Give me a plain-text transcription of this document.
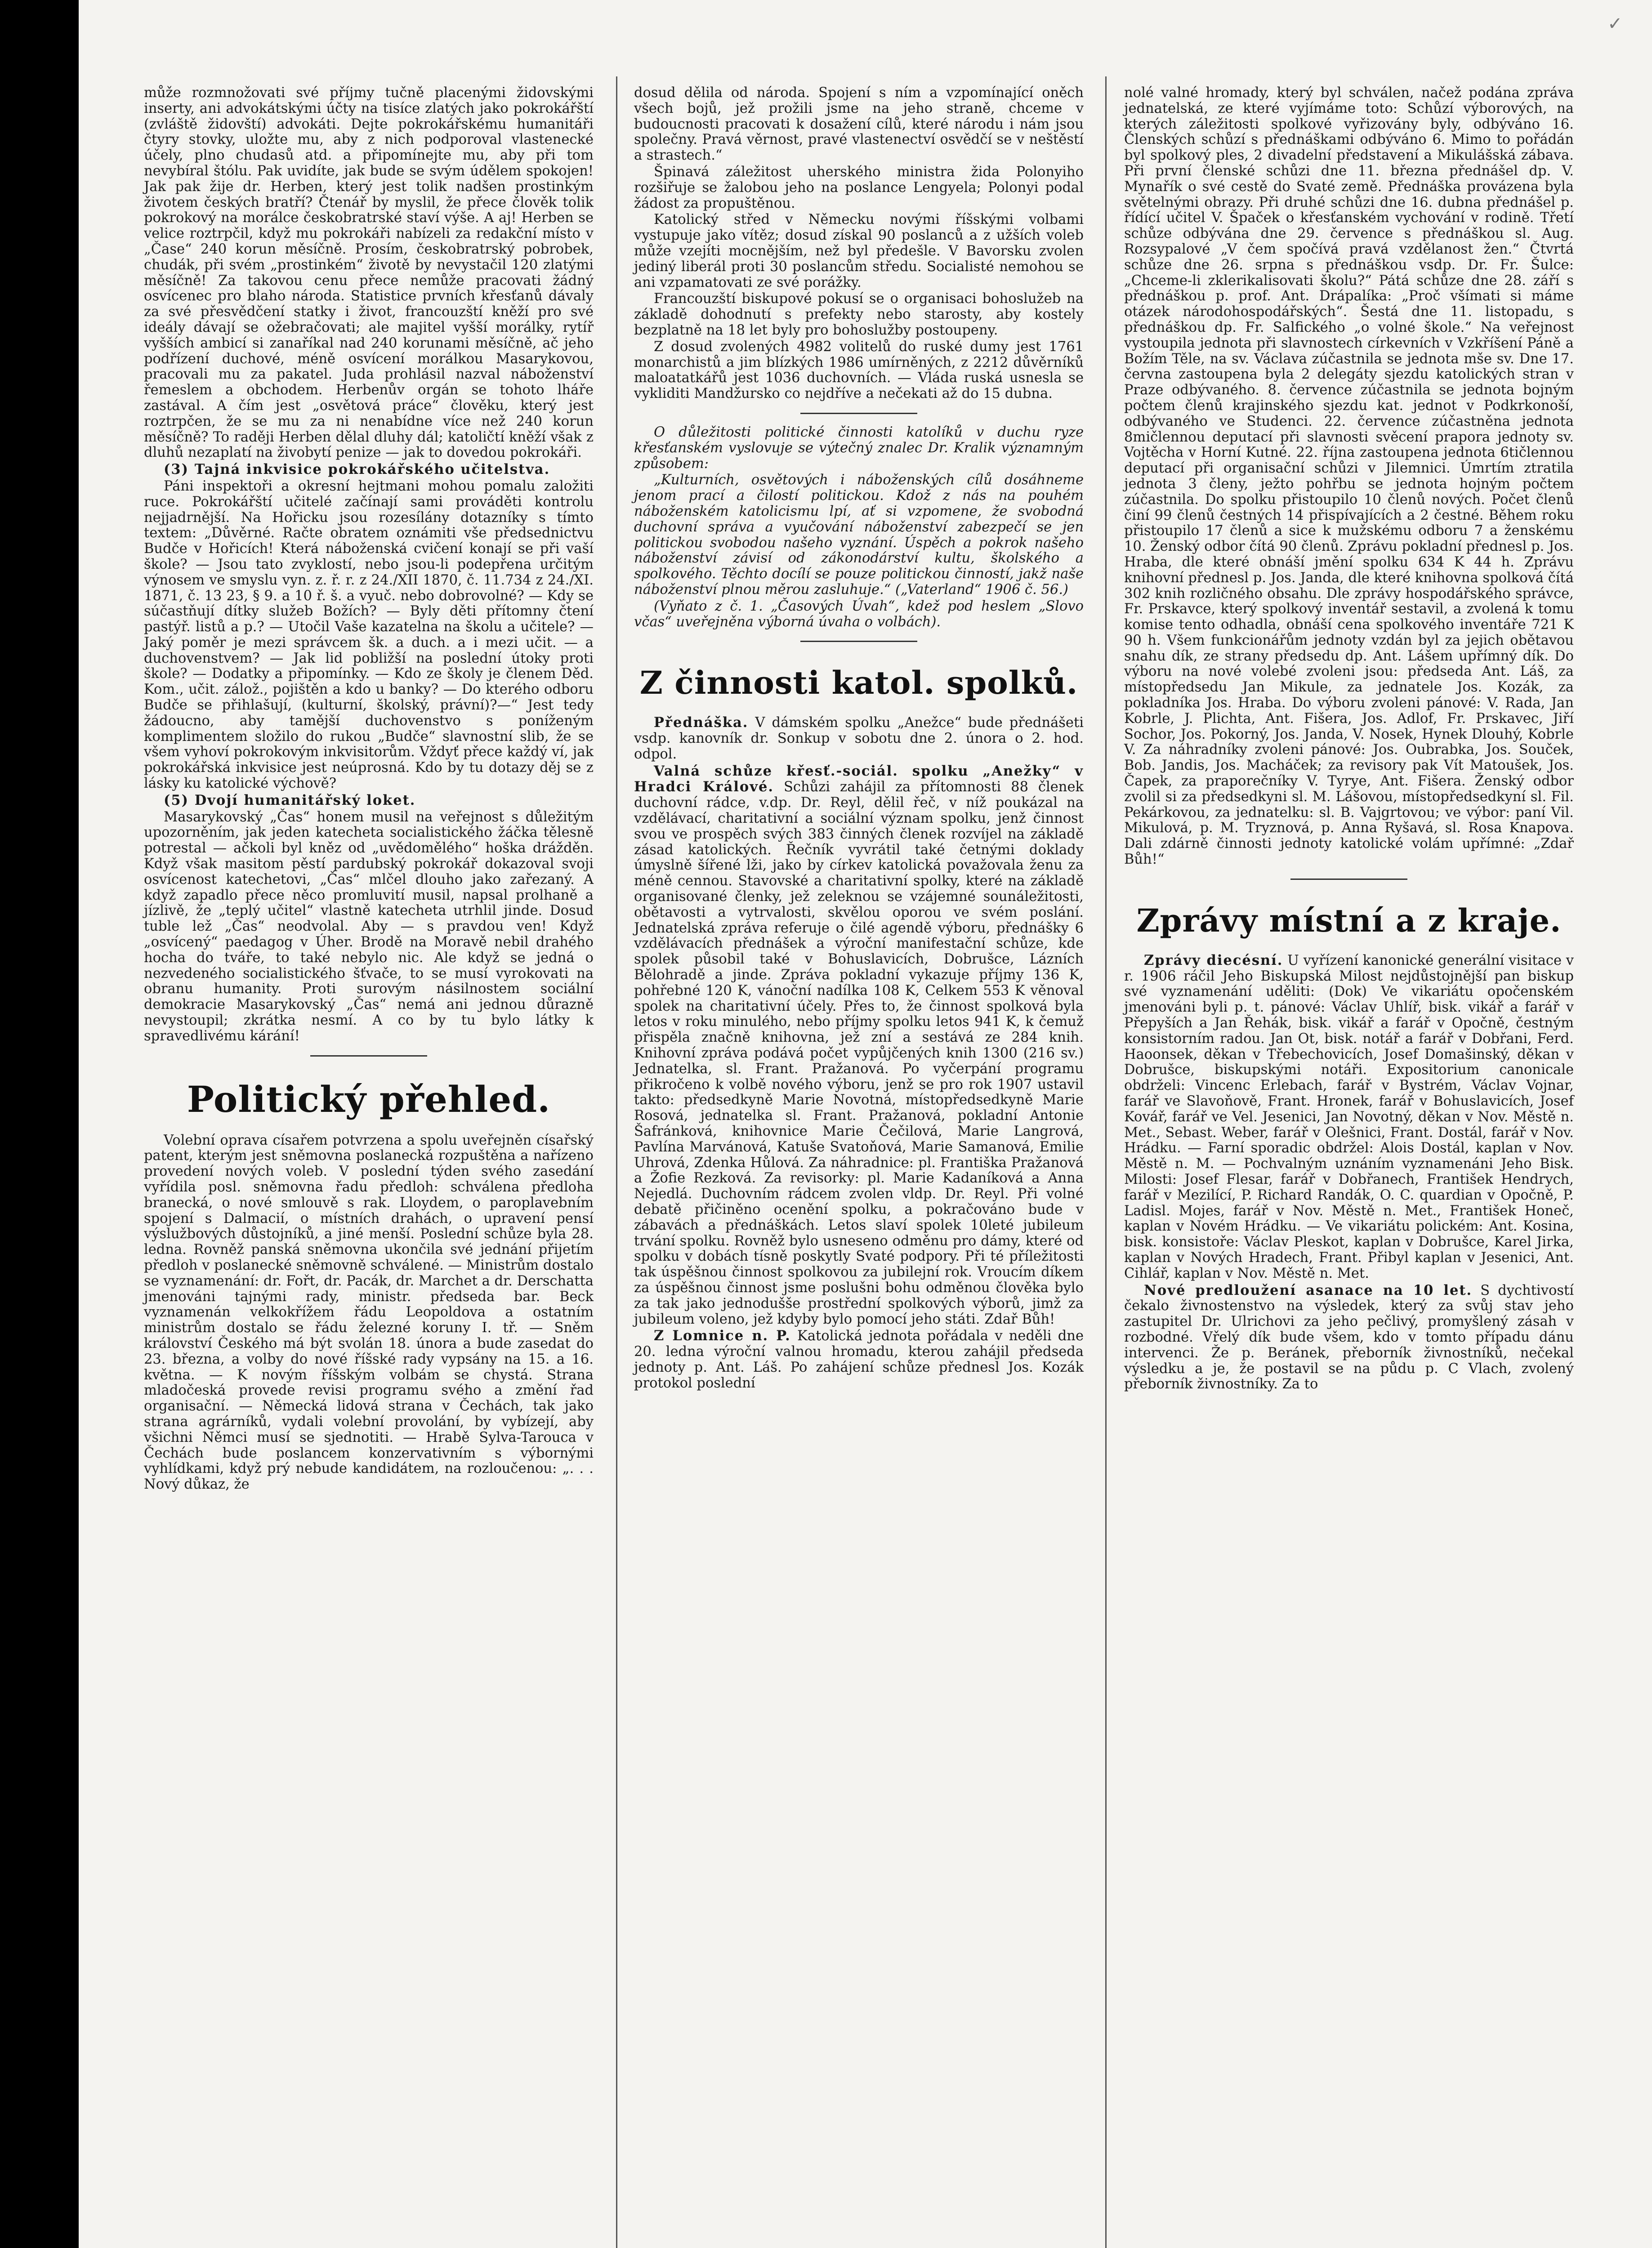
✓

může rozmnožovati své příjmy tučně placenými židovskými inserty, ani advokátskými účty na tisíce zlatých jako pokrokářští (zvláště židovští) advokáti. Dejte pokrokářskému humanitáři čtyry stovky, uložte mu, aby z nich podporoval vlastenecké účely, plno chudasů atd. a připomínejte mu, aby při tom nevybíral štólu. Pak uvidíte, jak bude se svým údělem spokojen! Jak pak žije dr. Herben, který jest tolik nadšen prostinkým životem českých bratří? Čtenář by myslil, že přece člověk tolik pokrokový na morálce českobratrské staví výše. A aj! Herben se velice roztrpčil, když mu pokrokáři nabízeli za redakční místo v „Čase“ 240 korun měsíčně. Prosím, českobratrský pobrobek, chudák, při svém „prostinkém“ životě by nevystačil 120 zlatými měsíčně! Za takovou cenu přece nemůže pracovati žádný osvícenec pro blaho národa. Statistice prvních křesťanů dávaly za své přesvědčení statky i život, francouzští kněží pro své ideály dávají se ožebračovati; ale majitel vyšší morálky, rytíř vyšších ambicí si zanaříkal nad 240 korunami měsíčně, ač jeho podřízení duchové, méně osvícení morálkou Masarykovou, pracovali mu za pakatel. Juda prohlásil nazval náboženství řemeslem a obchodem. Herbenův orgán se tohoto lháře zastával. A čím jest „osvětová práce“ člověku, který jest roztrpčen, že se mu za ni nenabídne více než 240 korun měsíčně? To raději Herben dělal dluhy dál; katoličtí kněží však z dluhů nezaplatí na živobytí penize — jak to dovedou pokrokáři.

(3) Tajná inkvisice pokrokářského učitelstva.

Páni inspektoři a okresní hejtmani mohou pomalu založiti ruce. Pokrokářští učitelé začínají sami prováděti kontrolu nejjadrnější. Na Hořicku jsou rozesílány dotazníky s tímto textem: „Důvěrné. Račte obratem oznámiti vše předsednictvu Budče v Hořicích! Která náboženská cvičení konají se při vaší škole? — Jsou tato zvyklostí, nebo jsou-li podepřena určitým výnosem ve smyslu vyn. z. ř. r. z 24./XII 1870, č. 11.734 z 24./XI. 1871, č. 13 23, § 9. a 10 ř. š. a vyuč. nebo dobrovolné? — Kdy se súčastňují dítky služeb Božích? — Byly děti přítomny čtení pastýř. listů a p.? — Utočil Vaše kazatelna na školu a učitele? — Jaký poměr je mezi správcem šk. a duch. a i mezi učit. — a duchovenstvem? — Jak lid pobližší na poslední útoky proti škole? — Dodatky a připomínky. — Kdo ze školy je členem Děd. Kom., učit. zálož., pojištěn a kdo u banky? — Do kterého odboru Budče se přihlašují, (kulturní, školský, právní)?—“ Jest tedy žádoucno, aby tamější duchovenstvo s poníženým komplimentem složilo do rukou „Budče“ slavnostní slib, že se všem vyhoví pokrokovým inkvisitorům. Vždyť přece každý ví, jak pokrokářská inkvisice jest neúprosná. Kdo by tu dotazy děj se z lásky ku katolické výchově?

(5) Dvojí humanitářský loket.

Masarykovský „Čas“ honem musil na veřejnost s důležitým upozorněním, jak jeden katecheta socialistického žáčka tělesně potrestal — ačkoli byl kněz od „uvědomělého“ hoška drážděn. Když však masitom pěstí pardubský pokrokář dokazoval svoji osvícenost katechetovi, „Čas“ mlčel dlouho jako zařezaný. A když zapadlo přece něco promluvití musil, napsal prolhaně a jízlivě, že „teplý učitel“ vlastně katecheta utrhlil jinde. Dosud tuble lež „Čas“ neodvolal. Aby — s pravdou ven! Když „osvícený“ paedagog v Úher. Brodě na Moravě nebil drahého hocha do tváře, to také nebylo nic. Ale když se jedná o nezvedeného socialistického šťvače, to se musí vyrokovati na obranu humanity. Proti surovým násilnostem sociální demokracie Masarykovský „Čas“ nemá ani jednou důrazně nevystoupil; zkrátka nesmí. A co by tu bylo látky k spravedlivému kárání!

Politický přehled.

Volební oprava císařem potvrzena a spolu uveřejněn císařský patent, kterým jest sněmovna poslanecká rozpuštěna a nařízeno provedení nových voleb. V poslední týden svého zasedání vyřídila posl. sněmovna řadu předloh: schválena předloha branecká, o nové smlouvě s rak. Lloydem, o paroplavebním spojení s Dalmacií, o místních drahách, o upravení pensí výslužbových důstojníků, a jiné menší. Poslední schůze byla 28. ledna. Rovněž panská sněmovna ukončila své jednání přijetím předloh v poslanecké sněmovně schválené. — Ministrům dostalo se vyznamenání: dr. Fořt, dr. Pacák, dr. Marchet a dr. Derschatta jmenováni tajnými rady, ministr. předseda bar. Beck vyznamenán velkokřížem řádu Leopoldova a ostatním ministrům dostalo se řádu železné koruny I. tř. — Sněm království Českého má být svolán 18. února a bude zasedat do 23. března, a volby do nové říšské rady vypsány na 15. a 16. května. — K novým říšským volbám se chystá. Strana mladočeská provede revisi programu svého a změní řad organisační. — Německá lidová strana v Čechách, tak jako strana agrárníků, vydali volební provolání, by vybízejí, aby všichni Němci musí se sjednotiti. — Hrabě Sylva-Tarouca v Čechách bude poslancem konzervativním s výbornými vyhlídkami, když prý nebude kandidátem, na rozloučenou: „. . . Nový důkaz, že

dosud dělila od národa. Spojení s ním a vzpomínající oněch všech bojů, jež prožili jsme na jeho straně, chceme v budoucnosti pracovati k dosažení cílů, které národu i nám jsou společny. Pravá věrnost, pravé vlastenectví osvědčí se v neštěstí a strastech.“

Špinavá záležitost uherského ministra žida Polonyiho rozšiřuje se žalobou jeho na poslance Lengyela; Polonyi podal žádost za propuštěnou.

Katolický střed v Německu novými říšskými volbami vystupuje jako vítěz; dosud získal 90 poslanců a z užších voleb může vzejíti mocnějším, než byl předešle. V Bavorsku zvolen jediný liberál proti 30 poslancům středu. Socialisté nemohou se ani vzpamatovati ze své porážky.

Francouzští biskupové pokusí se o organisaci bohoslužeb na základě dohodnutí s prefekty nebo starosty, aby kostely bezplatně na 18 let byly pro bohoslužby postoupeny.

Z dosud zvolených 4982 volitelů do ruské dumy jest 1761 monarchistů a jim blízkých 1986 umírněných, z 2212 důvěrníků maloatatkářů jest 1036 duchovních. — Vláda ruská usnesla se vykliditi Mandžursko co nejdříve a nečekati až do 15 dubna.

O důležitosti politické činnosti katolíků v duchu ryze křesťanském vyslovuje se výtečný znalec Dr. Kralik významným způsobem:

„Kulturních, osvětových i náboženských cílů dosáhneme jenom prací a čilostí politickou. Kdož z nás na pouhém náboženském katolicismu lpí, ať si vzpomene, že svobodná duchovní správa a vyučování náboženství zabezpečí se jen politickou svobodou našeho vyznání. Úspěch a pokrok našeho náboženství závisí od zákonodárství kultu, školského a spolkového. Těchto docílí se pouze politickou činností, jakž naše náboženství plnou měrou zasluhuje.“ („Vaterland“ 1906 č. 56.)

(Vyňato z č. 1. „Časových Úvah“, kdež pod heslem „Slovo včas“ uveřejněna výborná úvaha o volbách).

Z činnosti katol. spolků.

Přednáška. V dámském spolku „Anežce“ bude přednášeti vsdp. kanovník dr. Sonkup v sobotu dne 2. února o 2. hod. odpol.

Valná schůze křesť.-sociál. spolku „Anežky“ v Hradci Králové. Schůzi zahájil za přítomnosti 88 členek duchovní rádce, v.dp. Dr. Reyl, dělil řeč, v níž poukázal na vzdělávací, charitativní a sociální význam spolku, jenž činnost svou ve prospěch svých 383 činných členek rozvíjel na základě zásad katolických. Řečník vyvrátil také četnými doklady úmyslně šířené lži, jako by církev katolická považovala ženu za méně cennou. Stavovské a charitativní spolky, které na základě organisované členky, jež zeleknou se vzájemné sounáležitosti, obětavosti a vytrvalosti, skvělou oporou ve svém poslání. Jednatelská zpráva referuje o čilé agendě výboru, přednášky 6 vzdělávacích přednášek a výroční manifestační schůze, kde spolek působil také v Bohuslavicích, Dobrušce, Lázních Bělohradě a jinde. Zpráva pokladní vykazuje příjmy 136 K, pohřebné 120 K, vánoční nadílka 108 K, Celkem 553 K věnoval spolek na charitativní účely. Přes to, že činnost spolková byla letos v roku minulého, nebo příjmy spolku letos 941 K, k čemuž přispěla značně knihovna, jež zní a sestává ze 284 knih. Knihovní zpráva podává počet vypůjčených knih 1300 (216 sv.) Jednatelka, sl. Frant. Pražanová. Po vyčerpání programu přikročeno k volbě nového výboru, jenž se pro rok 1907 ustavil takto: předsedkyně Marie Novotná, místopředsedkyně Marie Rosová, jednatelka sl. Frant. Pražanová, pokladní Antonie Šafránková, knihovnice Marie Čečilová, Marie Langrová, Pavlína Marvánová, Katuše Svatoňová, Marie Samanová, Emilie Uhrová, Zdenka Hůlová. Za náhradnice: pl. Františka Pražanová a Žofie Rezková. Za revisorky: pl. Marie Kadaníková a Anna Nejedlá. Duchovním rádcem zvolen vldp. Dr. Reyl. Při volné debatě přičiněno ocenění spolku, a pokračováno bude v zábavách a přednáškách. Letos slaví spolek 10leté jubileum trvání spolku. Rovněž bylo usneseno odměnu pro dámy, které od spolku v dobách tísně poskytly Svaté podpory. Při té příležitosti tak úspěšnou činnost spolkovou za jubilejní rok. Vroucím díkem za úspěšnou činnost jsme poslušni bohu odměnou člověka bylo za tak jako jednodušše prostřední spolkových výborů, jimž za jubileum voleno, jež kdyby bylo pomocí jeho státi. Zdař Bůh!

Z Lomnice n. P. Katolická jednota pořádala v neděli dne 20. ledna výroční valnou hromadu, kterou zahájil předseda jednoty p. Ant. Láš. Po zahájení schůze přednesl Jos. Kozák protokol poslední

nolé valné hromady, který byl schválen, načež podána zpráva jednatelská, ze které vyjímáme toto: Schůzí výborových, na kterých záležitosti spolkové vyřizovány byly, odbýváno 16. Členských schůzí s přednáškami odbýváno 6. Mimo to pořádán byl spolkový ples, 2 divadelní představení a Mikulášská zábava. Při první členské schůzi dne 11. března přednášel dp. V. Mynařík o své cestě do Svaté země. Přednáška provázena byla světelnými obrazy. Při druhé schůzi dne 16. dubna přednášel p. řídící učitel V. Špaček o křesťanském vychování v rodině. Třetí schůze odbývána dne 29. července s přednáškou sl. Aug. Rozsypalové „V čem spočívá pravá vzdělanost žen.“ Čtvrtá schůze dne 26. srpna s přednáškou vsdp. Dr. Fr. Šulce: „Chceme-li zklerikalisovati školu?“ Pátá schůze dne 28. září s přednáškou p. prof. Ant. Drápalíka: „Proč všímati si máme otázek národohospodářských“. Šestá dne 11. listopadu, s přednáškou dp. Fr. Salfického „o volné škole.“ Na veřejnost vystoupila jednota při slavnostech církevních v Vzkříšení Páně a Božím Těle, na sv. Václava zúčastnila se jednota mše sv. Dne 17. června zastoupena byla 2 delegáty sjezdu katolických stran v Praze odbývaného. 8. července zúčastnila se jednota bojným počtem členů krajinského sjezdu kat. jednot v Podkrkonoší, odbývaného ve Studenci. 22. července zúčastněna jednota 8mičlennou deputací při slavnosti svěcení prapora jednoty sv. Vojtěcha v Horní Kutné. 22. října zastoupena jednota 6tičlennou deputací při organisační schůzi v Jilemnici. Úmrtím ztratila jednota 3 členy, ježto pohřbu se jednota hojným počtem zúčastnila. Do spolku přistoupilo 10 členů nových. Počet členů činí 99 členů čestných 14 přispívajících a 2 čestné. Během roku přistoupilo 17 členů a sice k mužskému odboru 7 a ženskému 10. Ženský odbor čítá 90 členů. Zprávu pokladní přednesl p. Jos. Hraba, dle které obnáší jmění spolku 634 K 44 h. Zprávu knihovní přednesl p. Jos. Janda, dle které knihovna spolková čítá 302 knih rozličného obsahu. Dle zprávy hospodářského správce, Fr. Prskavce, který spolkový inventář sestavil, a zvolená k tomu komise tento odhadla, obnáší cena spolkového inventáře 721 K 90 h. Všem funkcionářům jednoty vzdán byl za jejich obětavou snahu dík, ze strany předsedu dp. Ant. Lášem upřímný dík. Do výboru na nové volebé zvoleni jsou: předseda Ant. Láš, za místopředsedu Jan Mikule, za jednatele Jos. Kozák, za pokladníka Jos. Hraba. Do výboru zvoleni pánové: V. Rada, Jan Kobrle, J. Plichta, Ant. Fišera, Jos. Adlof, Fr. Prskavec, Jiří Sochor, Jos. Pokorný, Jos. Janda, V. Nosek, Hynek Dlouhý, Kobrle V. Za náhradníky zvoleni pánové: Jos. Oubrabka, Jos. Souček, Bob. Jandis, Jos. Macháček; za revisory pak Vít Matoušek, Jos. Čapek, za praporečníky V. Tyrye, Ant. Fišera. Ženský odbor zvolil si za předsedkyni sl. M. Lášovou, místopředsedkyní sl. Fil. Pekárkovou, za jednatelku: sl. B. Vajgrtovou; ve výbor: paní Vil. Mikulová, p. M. Tryznová, p. Anna Ryšavá, sl. Rosa Knapova. Dali zdárně činnosti jednoty katolické volám upřímné: „Zdař Bůh!“

Zprávy místní a z kraje.

Zprávy diecésní. U vyřízení kanonické generální visitace v r. 1906 ráčil Jeho Biskupská Milost nejdůstojnější pan biskup své vyznamenání uděliti: (Dok) Ve vikariátu opočenském jmenováni byli p. t. pánové: Václav Uhlíř, bisk. vikář a farář v Přepyších a Jan Řehák, bisk. vikář a farář v Opočně, čestným konsistorním radou. Jan Ot, bisk. notář a farář v Dobřani, Ferd. Haoonsek, děkan v Třebechovicích, Josef Domašinský, děkan v Dobrušce, biskupskými notáři. Expositorium canonicale obdrželi: Vincenc Erlebach, farář v Bystrém, Václav Vojnar, farář ve Slavoňově, Frant. Hronek, farář v Bohuslavicích, Josef Kovář, farář ve Vel. Jesenici, Jan Novotný, děkan v Nov. Městě n. Met., Sebast. Weber, farář v Olešnici, Frant. Dostál, farář v Nov. Hrádku. — Farní sporadic obdržel: Alois Dostál, kaplan v Nov. Městě n. M. — Pochvalným uznáním vyznamenáni Jeho Bisk. Milosti: Josef Flesar, farář v Dobřanech, František Hendrych, farář v Mezilící, P. Richard Randák, O. C. quardian v Opočně, P. Ladisl. Mojes, farář v Nov. Městě n. Met., František Honeč, kaplan v Novém Hrádku. — Ve vikariátu polickém: Ant. Kosina, bisk. konsistoře: Václav Pleskot, kaplan v Dobrušce, Karel Jirka, kaplan v Nových Hradech, Frant. Přibyl kaplan v Jesenici, Ant. Cihlář, kaplan v Nov. Městě n. Met.

Nové predloužení asanace na 10 let. S dychtivostí čekalo živnostenstvo na výsledek, který za svůj stav jeho zastupitel Dr. Ulrichovi za jeho pečlivý, promyšlený zásah v rozbodné. Vřelý dík bude všem, kdo v tomto případu dánu intervenci. Že p. Beránek, přeborník živnostníků, nečekal výsledku a je, že postavil se na půdu p. C Vlach, zvolený přeborník živnostníky. Za to
